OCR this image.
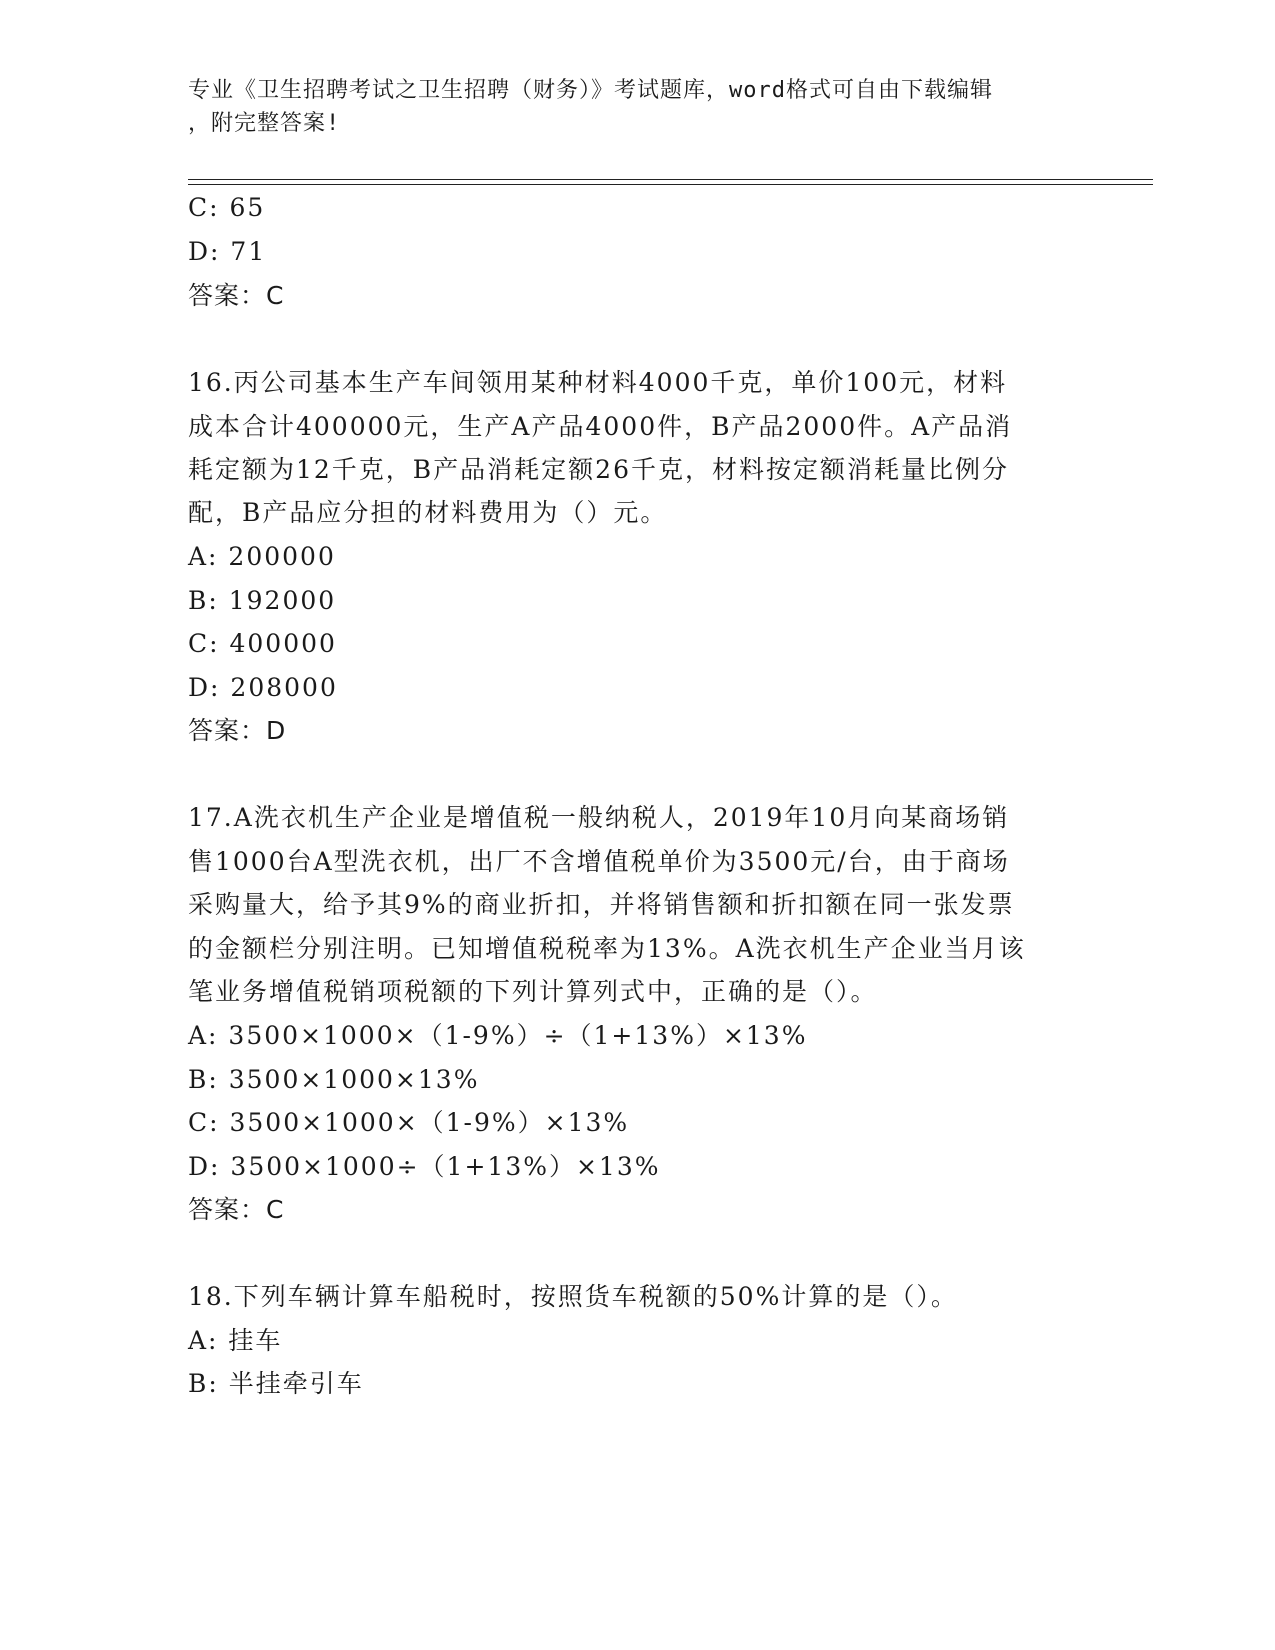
专业《卫生招聘考试之卫生招聘（财务）》考试题库，word格式可自由下载编辑
，附完整答案!
C: 65
D: 71
答案：C
16.丙公司基本生产车间领用某种材料4000千克，单价100元，材料
成本合计400000元，生产A产品4000件，B产品2000件。A产品消
耗定额为12千克，B产品消耗定额26千克，材料按定额消耗量比例分
配，B产品应分担的材料费用为（）元。
A: 200000
B: 192000
C: 400000
D: 208000
答案：D
17.A洗衣机生产企业是增值税一般纳税人，2019年10月向某商场销
售1000台A型洗衣机，出厂不含增值税单价为3500元/台，由于商场
采购量大，给予其9%的商业折扣，并将销售额和折扣额在同一张发票
的金额栏分别注明。已知增值税税率为13%。A洗衣机生产企业当月该
笔业务增值税销项税额的下列计算列式中，正确的是（）。
A: 3500×1000×（1-9%）÷（1+13%）×13%
B: 3500×1000×13%
C: 3500×1000×（1-9%）×13%
D: 3500×1000÷（1+13%）×13%
答案：C
18.下列车辆计算车船税时，按照货车税额的50%计算的是（）。
A: 挂车
B: 半挂牵引车
